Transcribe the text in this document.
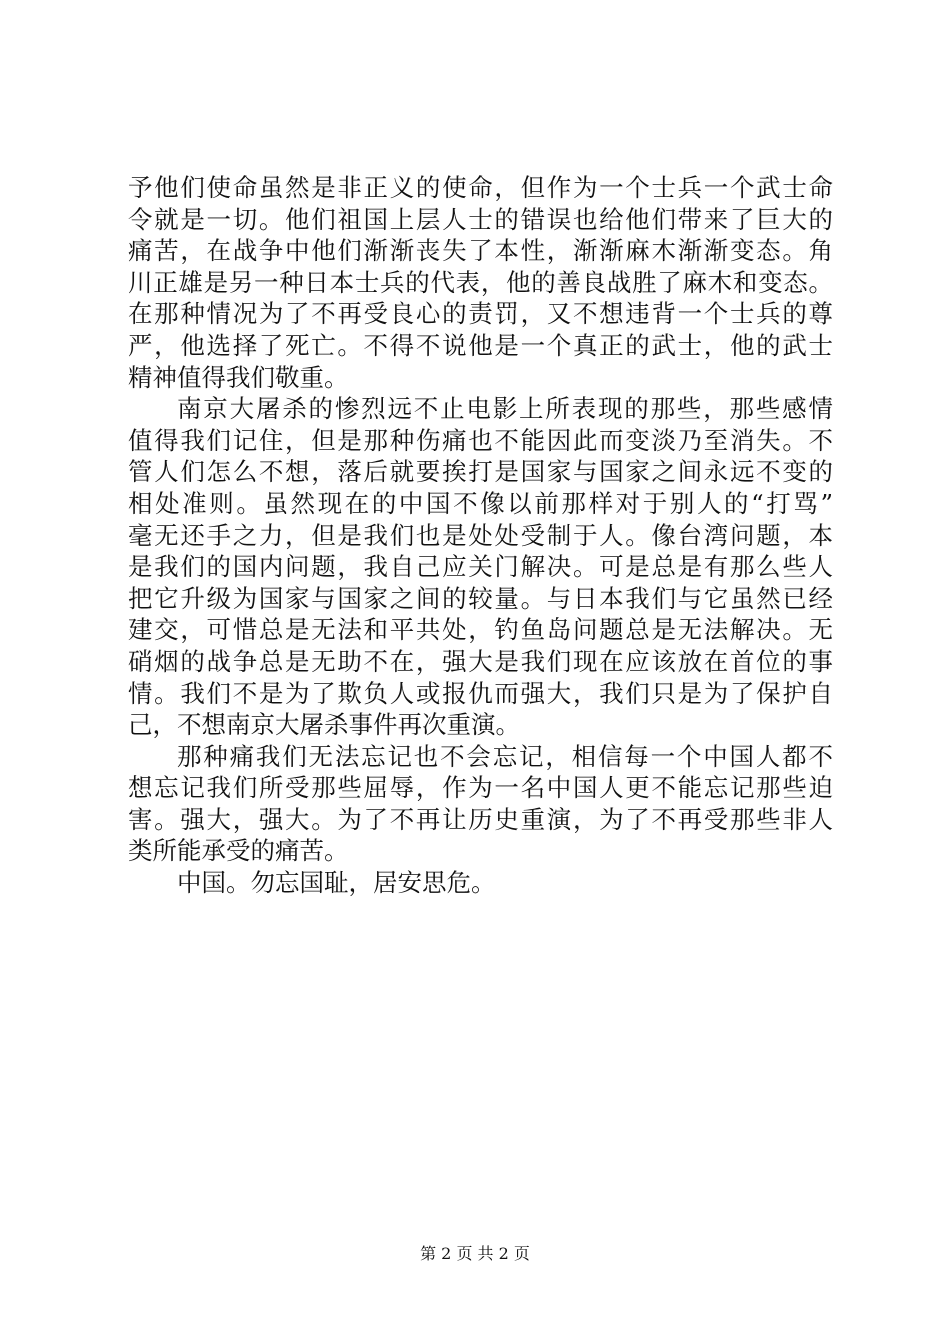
予他们使命虽然是非正义的使命，但作为一个士兵一个武士命
令就是一切。他们祖国上层人士的错误也给他们带来了巨大的
痛苦，在战争中他们渐渐丧失了本性，渐渐麻木渐渐变态。角
川正雄是另一种日本士兵的代表，他的善良战胜了麻木和变态。
在那种情况为了不再受良心的责罚，又不想违背一个士兵的尊
严，他选择了死亡。不得不说他是一个真正的武士，他的武士
精神值得我们敬重。
南京大屠杀的惨烈远不止电影上所表现的那些，那些感情
值得我们记住，但是那种伤痛也不能因此而变淡乃至消失。不
管人们怎么不想，落后就要挨打是国家与国家之间永远不变的
相处准则。虽然现在的中国不像以前那样对于别人的“打骂”
毫无还手之力，但是我们也是处处受制于人。像台湾问题，本
是我们的国内问题，我自己应关门解决。可是总是有那么些人
把它升级为国家与国家之间的较量。与日本我们与它虽然已经
建交，可惜总是无法和平共处，钓鱼岛问题总是无法解决。无
硝烟的战争总是无助不在，强大是我们现在应该放在首位的事
情。我们不是为了欺负人或报仇而强大，我们只是为了保护自
己，不想南京大屠杀事件再次重演。
那种痛我们无法忘记也不会忘记，相信每一个中国人都不
想忘记我们所受那些屈辱，作为一名中国人更不能忘记那些迫
害。强大，强大。为了不再让历史重演，为了不再受那些非人
类所能承受的痛苦。
中国。勿忘国耻，居安思危。
第 2 页 共 2 页
